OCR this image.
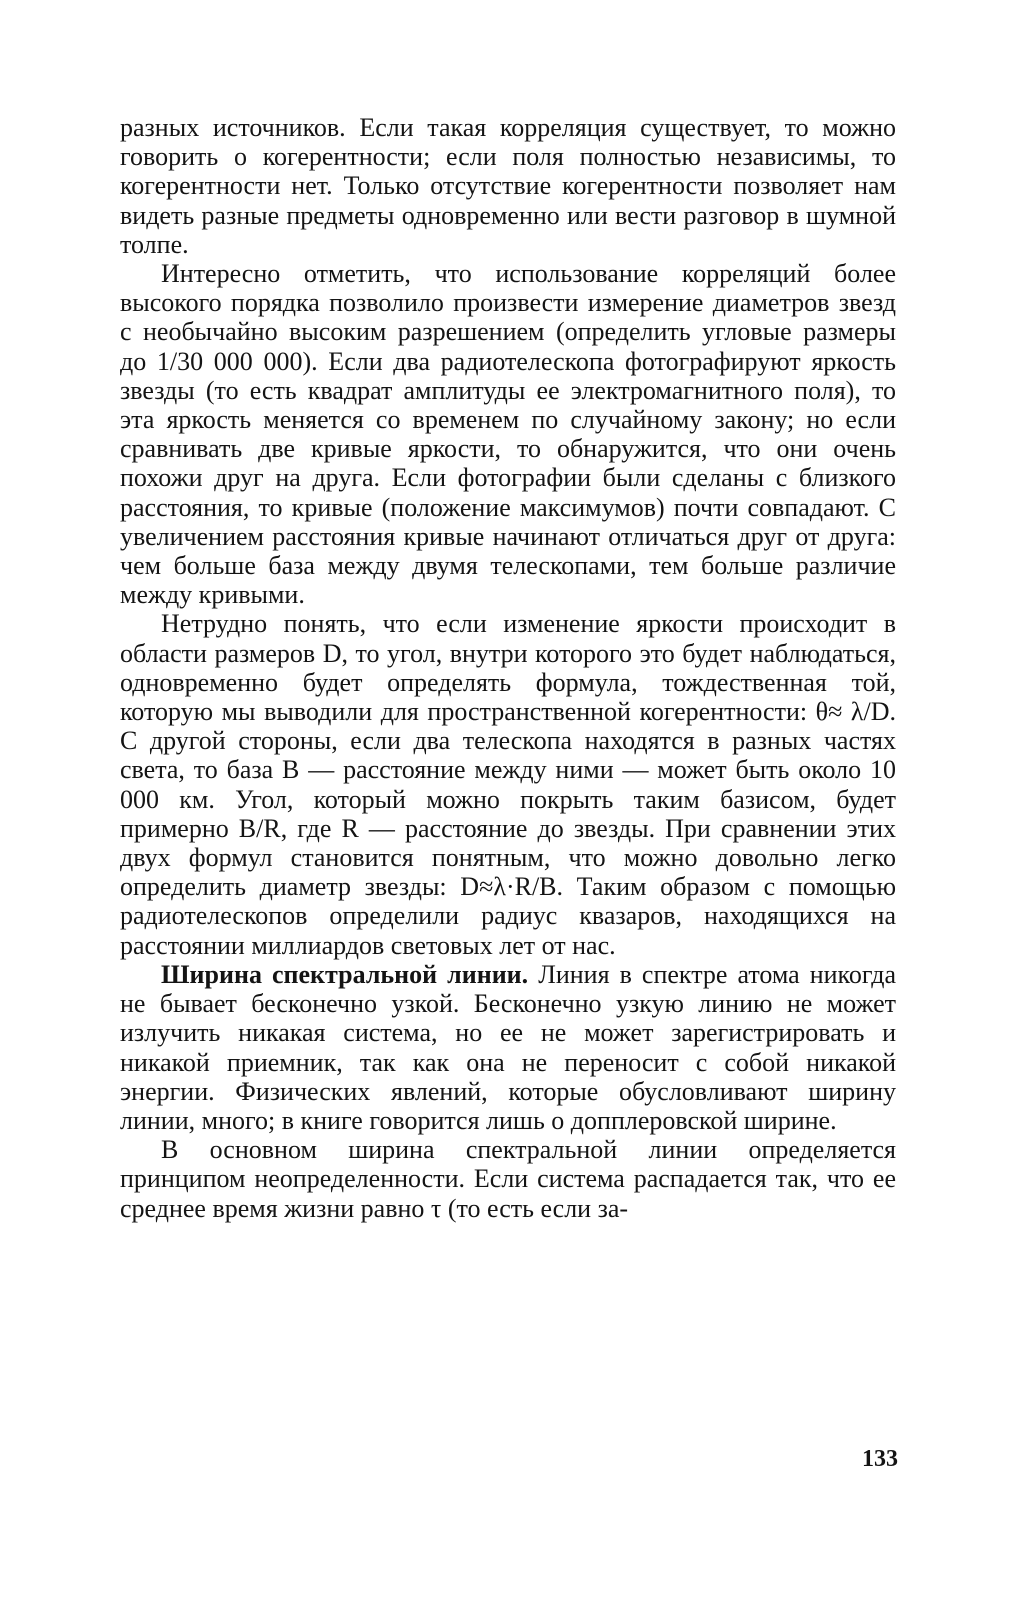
разных источников. Если такая корреляция существует, то можно говорить о когерентности; если поля полностью независимы, то когерентности нет. Только отсутствие когерентности позволяет нам видеть разные предметы одновременно или вести разговор в шумной толпе.

Интересно отметить, что использование корреляций более высокого порядка позволило произвести измерение диаметров звезд с необычайно высоким разрешением (определить угловые размеры до 1/30 000 000). Если два радиотелескопа фотографируют яркость звезды (то есть квадрат амплитуды ее электромагнитного поля), то эта яркость меняется со временем по случайному закону; но если сравнивать две кривые яркости, то обнаружится, что они очень похожи друг на друга. Если фотографии были сделаны с близкого расстояния, то кривые (положение максимумов) почти совпадают. С увеличением расстояния кривые начинают отличаться друг от друга: чем больше база между двумя телескопами, тем больше различие между кривыми.

Нетрудно понять, что если изменение яркости происходит в области размеров D, то угол, внутри которого это будет наблюдаться, одновременно будет определять формула, тождественная той, которую мы выводили для пространственной когерентности: θ≈ λ/D. С другой стороны, если два телескопа находятся в разных частях света, то база B — расстояние между ними — может быть около 10 000 км. Угол, который можно покрыть таким базисом, будет примерно B/R, где R — расстояние до звезды. При сравнении этих двух формул становится понятным, что можно довольно легко определить диаметр звезды: D≈λ·R/B. Таким образом с помощью радиотелескопов определили радиус квазаров, находящихся на расстоянии миллиардов световых лет от нас.

Ширина спектральной линии. Линия в спектре атома никогда не бывает бесконечно узкой. Бесконечно узкую линию не может излучить никакая система, но ее не может зарегистрировать и никакой приемник, так как она не переносит с собой никакой энергии. Физических явлений, которые обусловливают ширину линии, много; в книге говорится лишь о допплеровской ширине.

В основном ширина спектральной линии определяется принципом неопределенности. Если система распадается так, что ее среднее время жизни равно τ (то есть если за-

133
